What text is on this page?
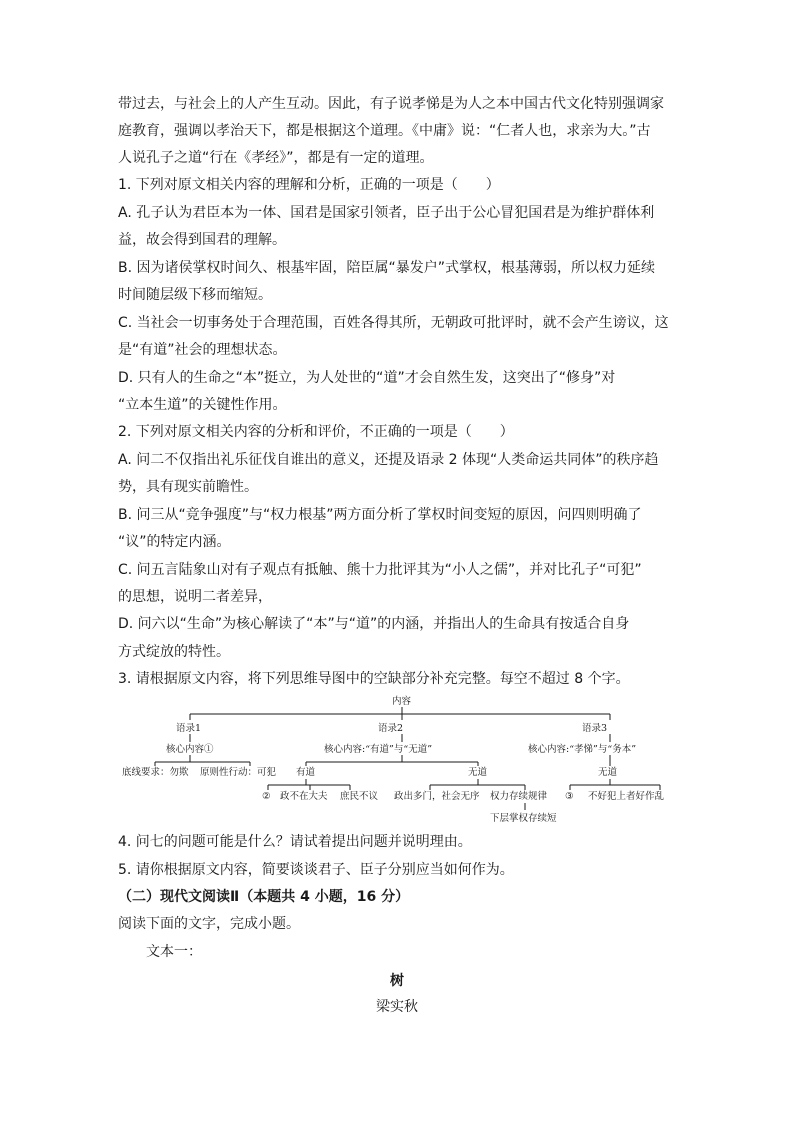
带过去，与社会上的人产生互动。因此，有子说孝悌是为人之本中国古代文化特别强调家
庭教育，强调以孝治天下，都是根据这个道理。《中庸》说：“仁者人也，求亲为大。”古
人说孔子之道“行在《孝经》”，都是有一定的道理。
1. 下列对原文相关内容的理解和分析，正确的一项是（　　）
A. 孔子认为君臣本为一体、国君是国家引领者，臣子出于公心冒犯国君是为维护群体利
益，故会得到国君的理解。
B. 因为诸侯掌权时间久、根基牢固，陪臣属“暴发户”式掌权，根基薄弱，所以权力延续
时间随层级下移而缩短。
C. 当社会一切事务处于合理范围，百姓各得其所，无朝政可批评时，就不会产生谤议，这
是“有道”社会的理想状态。
D. 只有人的生命之“本”挺立，为人处世的“道”才会自然生发，这突出了“修身”对
“立本生道”的关键性作用。
2. 下列对原文相关内容的分析和评价，不正确的一项是（　　）
A. 问二不仅指出礼乐征伐自谁出的意义，还提及语录 2 体现“人类命运共同体”的秩序趋
势，具有现实前瞻性。
B. 问三从“竞争强度”与“权力根基”两方面分析了掌权时间变短的原因，问四则明确了
“议”的特定内涵。
C. 问五言陆象山对有子观点有抵触、熊十力批评其为“小人之儒”，并对比孔子“可犯”
的思想，说明二者差异，
D. 问六以“生命”为核心解读了“本”与“道”的内涵，并指出人的生命具有按适合自身
方式绽放的特性。
3. 请根据原文内容，将下列思维导图中的空缺部分补充完整。每空不超过 8 个字。
内容
语录1	语录2	语录3
核心内容①	核心内容:“有道”与“无道”	核心内容:“孝悌”与“务本”
底线要求：勿欺 原则性行动：可犯 有道	无道
② 政不在大夫 庶民不议 政出多门，社会无序 权力存续规律
下层掌权存续短
无道
③ 不好犯上者好作乱
4. 问七的问题可能是什么？请试着提出问题并说明理由。
5. 请你根据原文内容，简要谈谈君子、臣子分别应当如何作为。
（二）现代文阅读Ⅱ（本题共 4 小题，16 分）
阅读下面的文字，完成小题。
　　文本一：
树
梁实秋
